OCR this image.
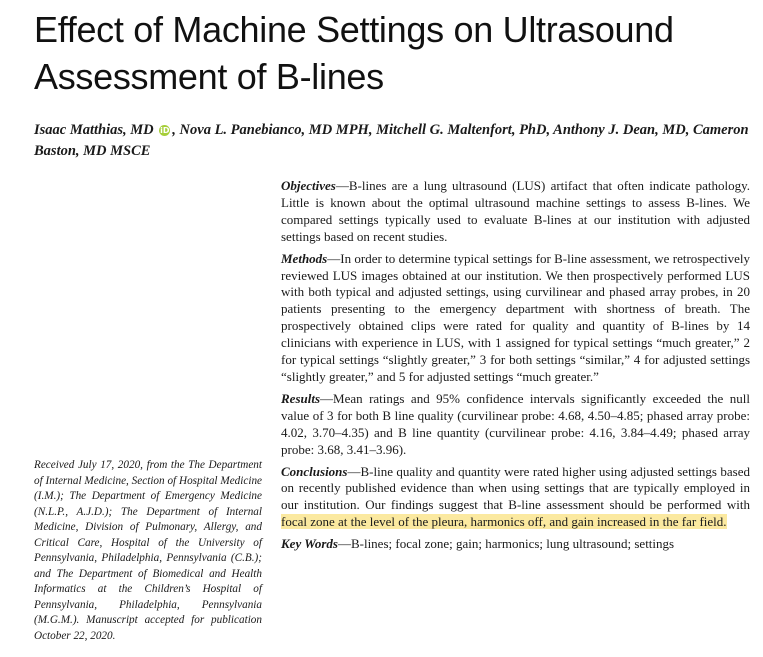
Effect of Machine Settings on Ultrasound Assessment of B-lines
Isaac Matthias, MD iD , Nova L. Panebianco, MD MPH, Mitchell G. Maltenfort, PhD, Anthony J. Dean, MD, Cameron Baston, MD MSCE
Received July 17, 2020, from the The Department of Internal Medicine, Section of Hospital Medicine (I.M.); The Department of Emergency Medicine (N.L.P., A.J.D.); The Department of Internal Medicine, Division of Pulmonary, Allergy, and Critical Care, Hospital of the University of Pennsylvania, Philadelphia, Pennsylvania (C.B.); and The Department of Biomedical and Health Informatics at the Children’s Hospital of Pennsylvania, Philadelphia, Pennsylvania (M.G.M.). Manuscript accepted for publication October 22, 2020.

Objectives—B-lines are a lung ultrasound (LUS) artifact that often indicate pathology. Little is known about the optimal ultrasound machine settings to assess B-lines. We compared settings typically used to evaluate B-lines at our institution with adjusted settings based on recent studies.

Methods—In order to determine typical settings for B-line assessment, we retrospectively reviewed LUS images obtained at our institution. We then prospectively performed LUS with both typical and adjusted settings, using curvilinear and phased array probes, in 20 patients presenting to the emergency department with shortness of breath. The prospectively obtained clips were rated for quality and quantity of B-lines by 14 clinicians with experience in LUS, with 1 assigned for typical settings “much greater,” 2 for typical settings “slightly greater,” 3 for both settings “similar,” 4 for adjusted settings “slightly greater,” and 5 for adjusted settings “much greater.”

Results—Mean ratings and 95% confidence intervals significantly exceeded the null value of 3 for both B line quality (curvilinear probe: 4.68, 4.50–4.85; phased array probe: 4.02, 3.70–4.35) and B line quantity (curvilinear probe: 4.16, 3.84–4.49; phased array probe: 3.68, 3.41–3.96).

Conclusions—B-line quality and quantity were rated higher using adjusted settings based on recently published evidence than when using settings that are typically employed in our institution. Our findings suggest that B-line assessment should be performed with focal zone at the level of the pleura, harmonics off, and gain increased in the far field.

Key Words—B-lines; focal zone; gain; harmonics; lung ultrasound; settings
